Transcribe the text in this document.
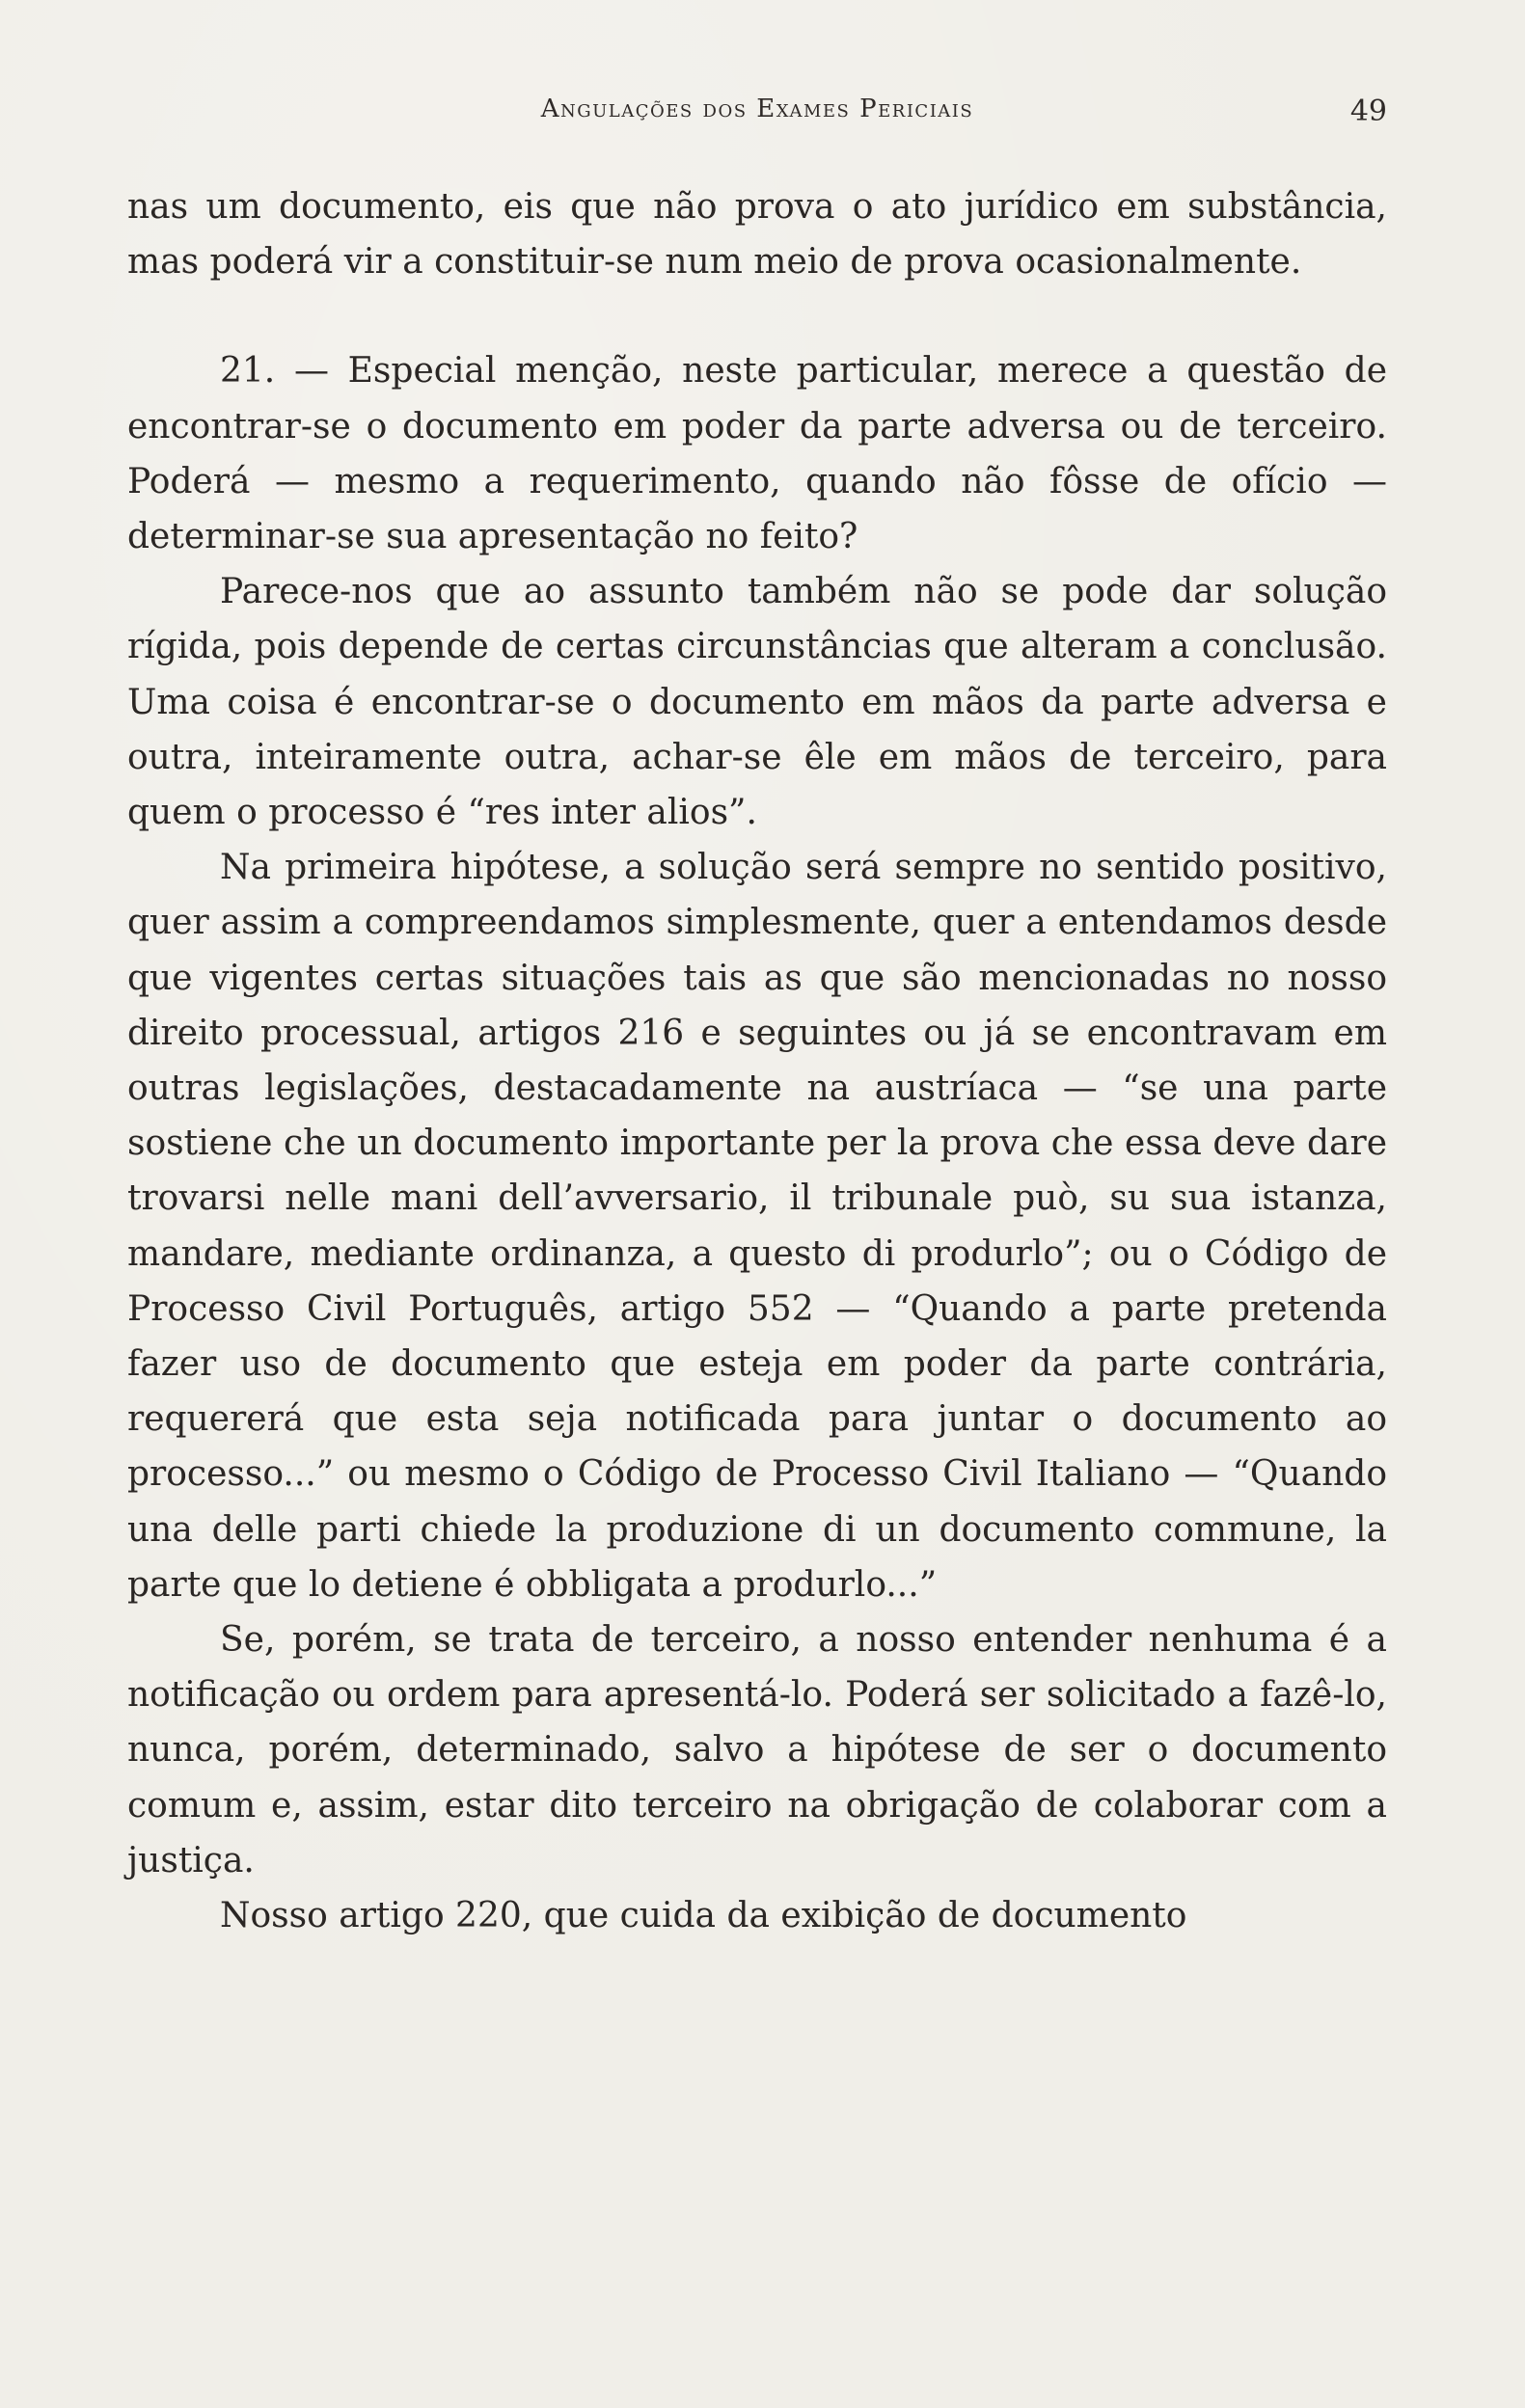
Angulações dos Exames Periciais	49

nas um documento, eis que não prova o ato jurídico em substância, mas poderá vir a constituir-se num meio de prova ocasionalmente.

21. — Especial menção, neste particular, merece a questão de encontrar-se o documento em poder da parte adversa ou de terceiro. Poderá — mesmo a requerimento, quando não fôsse de ofício — determinar-se sua apresentação no feito?

Parece-nos que ao assunto também não se pode dar solução rígida, pois depende de certas circunstâncias que alteram a conclusão. Uma coisa é encontrar-se o documento em mãos da parte adversa e outra, inteiramente outra, achar-se êle em mãos de terceiro, para quem o processo é “res inter alios”.

Na primeira hipótese, a solução será sempre no sentido positivo, quer assim a compreendamos simplesmente, quer a entendamos desde que vigentes certas situações tais as que são mencionadas no nosso direito processual, artigos 216 e seguintes ou já se encontravam em outras legislações, destacadamente na austríaca — “se una parte sostiene che un documento importante per la prova che essa deve dare trovarsi nelle mani dell’avversario, il tribunale può, su sua istanza, mandare, mediante ordinanza, a questo di produrlo”; ou o Código de Processo Civil Português, artigo 552 — “Quando a parte pretenda fazer uso de documento que esteja em poder da parte contrária, requererá que esta seja notificada para juntar o documento ao processo...” ou mesmo o Código de Processo Civil Italiano — “Quando una delle parti chiede la produzione di un documento commune, la parte que lo detiene é obbligata a produrlo...”

Se, porém, se trata de terceiro, a nosso entender nenhuma é a notificação ou ordem para apresentá-lo. Poderá ser solicitado a fazê-lo, nunca, porém, determinado, salvo a hipótese de ser o documento comum e, assim, estar dito terceiro na obrigação de colaborar com a justiça.

Nosso artigo 220, que cuida da exibição de documento
